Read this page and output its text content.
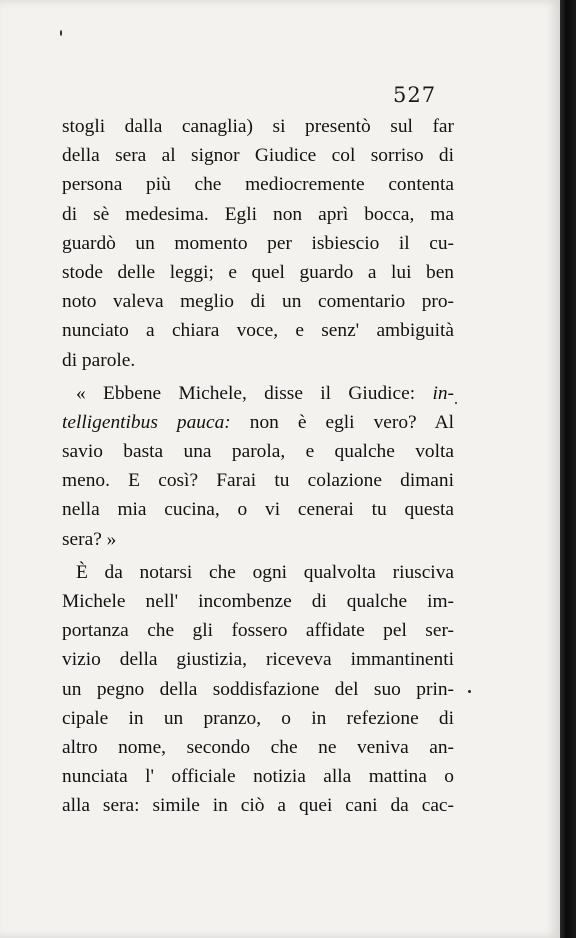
527
stogli dalla canaglia) si presentò sul far
della sera al signor Giudice col sorriso di
persona più che mediocremente contenta
di sè medesima. Egli non aprì bocca, ma
guardò un momento per isbiescio il cu-
stode delle leggi; e quel guardo a lui ben
noto valeva meglio di un comentario pro-
nunciato a chiara voce, e senz' ambiguità
di parole.
« Ebbene Michele, disse il Giudice: in-
telligentibus pauca: non è egli vero? Al
savio basta una parola, e qualche volta
meno. E così? Farai tu colazione dimani
nella mia cucina, o vi cenerai tu questa
sera? »
È da notarsi che ogni qualvolta riusciva
Michele nell' incombenze di qualche im-
portanza che gli fossero affidate pel ser-
vizio della giustizia, riceveva immantinenti
un pegno della soddisfazione del suo prin-
cipale in un pranzo, o in refezione di
altro nome, secondo che ne veniva an-
nunciata l' officiale notizia alla mattina o
alla sera: simile in ciò a quei cani da cac-
